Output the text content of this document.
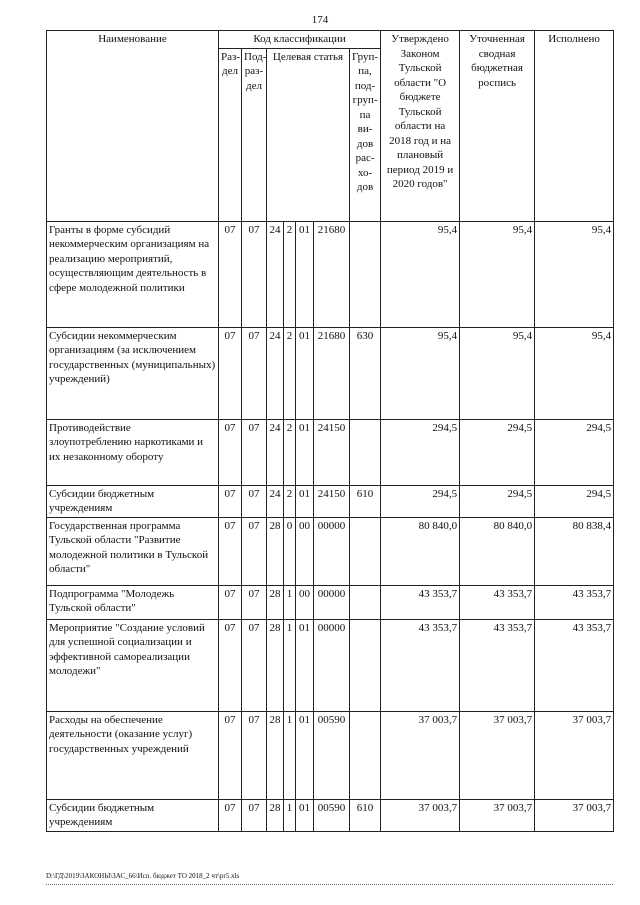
174
Наименование	Код классификации							Утверждено Законом Тульской области "О бюджете Тульской области на 2018 год и на плановый период 2019 и 2020 годов"	Уточненная сводная бюджетная роспись	Исполнено
	Раз-дел	Под-раз-дел	Целевая статья				Груп-па, под-груп-па ви-дов рас-хо-дов			
Гранты в форме субсидий некоммерческим организациям на реализацию мероприятий, осуществляющим деятельность в сфере молодежной политики	07	07	24	2	01	21680		95,4	95,4	95,4
Субсидии некоммерческим организациям (за исключением государственных (муниципальных) учреждений)	07	07	24	2	01	21680	630	95,4	95,4	95,4
Противодействие злоупотреблению наркотиками и их незаконному обороту	07	07	24	2	01	24150		294,5	294,5	294,5
Субсидии бюджетным учреждениям	07	07	24	2	01	24150	610	294,5	294,5	294,5
Государственная программа Тульской области "Развитие молодежной политики в Тульской области"	07	07	28	0	00	00000		80 840,0	80 840,0	80 838,4
Подпрограмма "Молодежь Тульской области"	07	07	28	1	00	00000		43 353,7	43 353,7	43 353,7
Мероприятие "Создание условий для успешной социализации и эффективной самореализации молодежи"	07	07	28	1	01	00000		43 353,7	43 353,7	43 353,7
Расходы на обеспечение деятельности (оказание услуг) государственных учреждений	07	07	28	1	01	00590		37 003,7	37 003,7	37 003,7
Субсидии бюджетным учреждениям	07	07	28	1	01	00590	610	37 003,7	37 003,7	37 003,7
D:\ГД\2019\ЗАКОНЫ\ЗАС_66\Исп. бюджет ТО 2018_2 чт\pr5.xls
